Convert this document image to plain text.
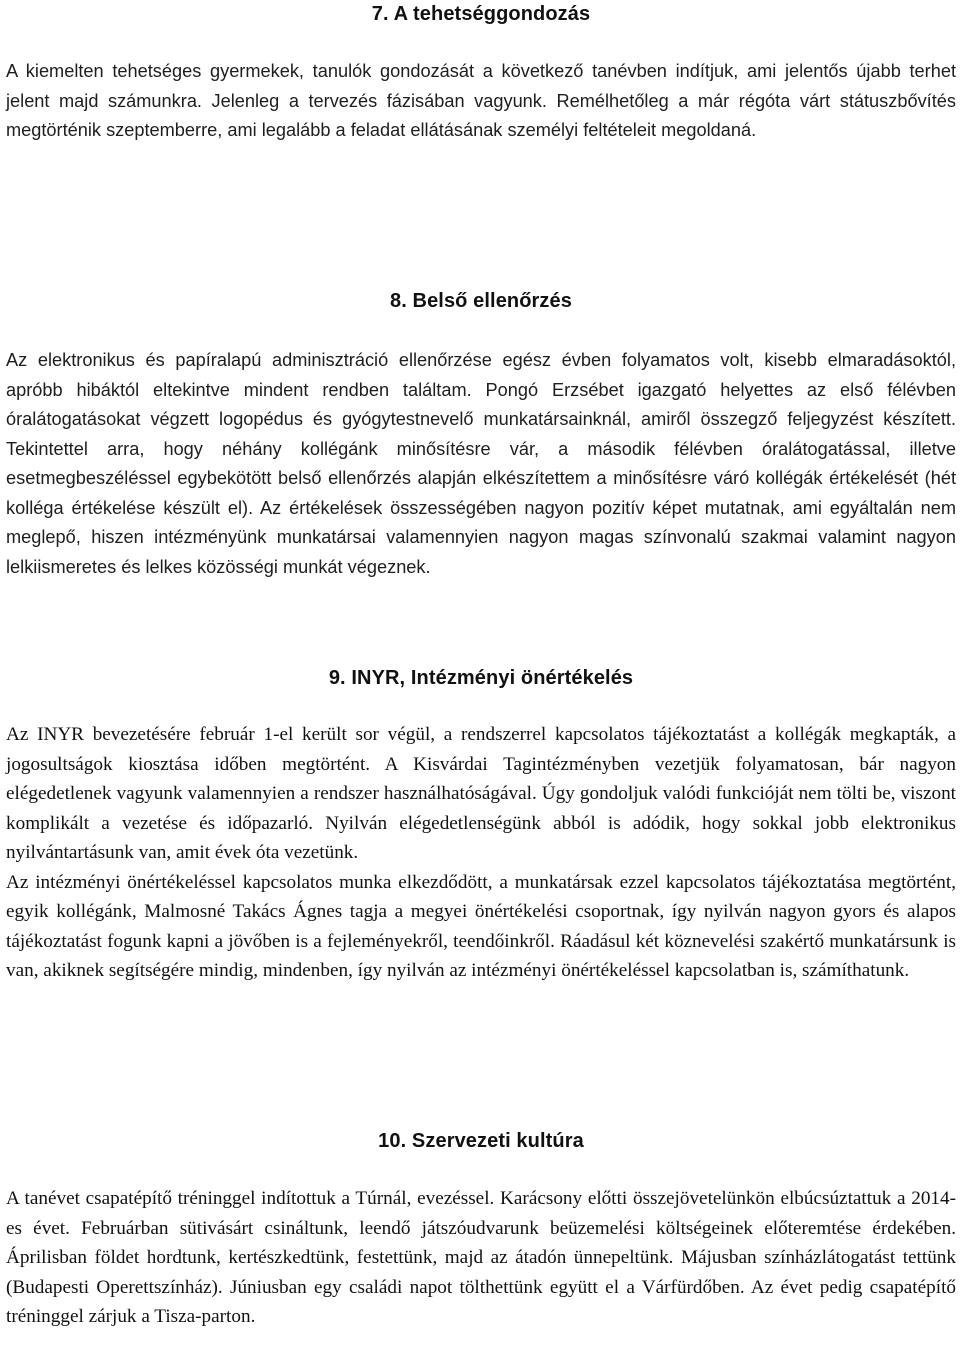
7. A tehetséggondozás

A kiemelten tehetséges gyermekek, tanulók gondozását a következő tanévben indítjuk, ami jelentős újabb terhet jelent majd számunkra. Jelenleg a tervezés fázisában vagyunk. Remélhetőleg a már régóta várt státuszbővítés megtörténik szeptemberre, ami legalább a feladat ellátásának személyi feltételeit megoldaná.

8. Belső ellenőrzés

Az elektronikus és papíralapú adminisztráció ellenőrzése egész évben folyamatos volt, kisebb elmaradásoktól, apróbb hibáktól eltekintve mindent rendben találtam. Pongó Erzsébet igazgató helyettes az első félévben óralátogatásokat végzett logopédus és gyógytestnevelő munkatársainknál, amiről összegző feljegyzést készített. Tekintettel arra, hogy néhány kollégánk minősítésre vár, a második félévben óralátogatással, illetve esetmegbeszéléssel egybekötött belső ellenőrzés alapján elkészítettem a minősítésre váró kollégák értékelését (hét kolléga értékelése készült el). Az értékelések összességében nagyon pozitív képet mutatnak, ami egyáltalán nem meglepő, hiszen intézményünk munkatársai valamennyien nagyon magas színvonalú szakmai valamint nagyon lelkiismeretes és lelkes közösségi munkát végeznek.

9. INYR, Intézményi önértékelés

Az INYR bevezetésére február 1-el került sor végül, a rendszerrel kapcsolatos tájékoztatást a kollégák megkapták, a jogosultságok kiosztása időben megtörtént. A Kisvárdai Tagintézményben vezetjük folyamatosan, bár nagyon elégedetlenek vagyunk valamennyien a rendszer használhatóságával. Úgy gondoljuk valódi funkcióját nem tölti be, viszont komplikált a vezetése és időpazarló. Nyilván elégedetlenségünk abból is adódik, hogy sokkal jobb elektronikus nyilvántartásunk van, amit évek óta vezetünk.

Az intézményi önértékeléssel kapcsolatos munka elkezdődött, a munkatársak ezzel kapcsolatos tájékoztatása megtörtént, egyik kollégánk, Malmosné Takács Ágnes tagja a megyei önértékelési csoportnak, így nyilván nagyon gyors és alapos tájékoztatást fogunk kapni a jövőben is a fejleményekről, teendőinkről. Ráadásul két köznevelési szakértő munkatársunk is van, akiknek segítségére mindig, mindenben, így nyilván az intézményi önértékeléssel kapcsolatban is, számíthatunk.

10. Szervezeti kultúra

A tanévet csapatépítő tréninggel indítottuk a Túrnál, evezéssel. Karácsony előtti összejövetelünkön elbúcsúztattuk a 2014-es évet. Februárban sütivásárt csináltunk, leendő játszóudvarunk beüzemelési költségeinek előteremtése érdekében. Áprilisban földet hordtunk, kertészkedtünk, festettünk, majd az átadón ünnepeltünk. Májusban színházlátogatást tettünk (Budapesti Operettszínház). Júniusban egy családi napot tölthettünk együtt el a Várfürdőben. Az évet pedig csapatépítő tréninggel zárjuk a Tisza-parton.
